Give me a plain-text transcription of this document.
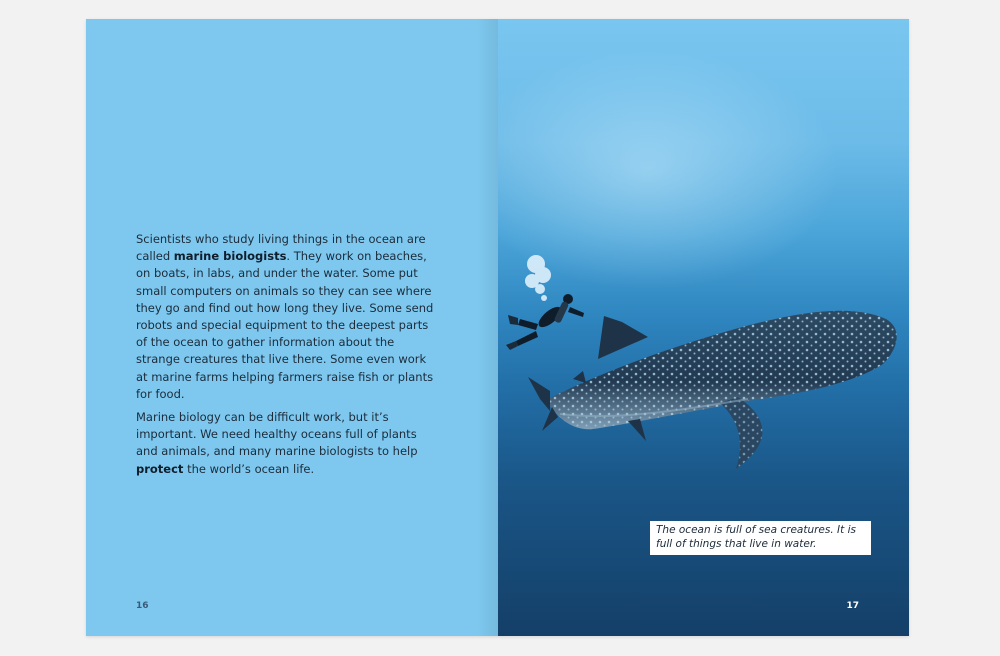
Scientists who study living things in the ocean are called marine biologists. They work on beaches, on boats, in labs, and under the water. Some put small computers on animals so they can see where they go and find out how long they live. Some send robots and special equipment to the deepest parts of the ocean to gather information about the strange creatures that live there. Some even work at marine farms helping farmers raise fish or plants for food.

Marine biology can be difficult work, but it’s important. We need healthy oceans full of plants and animals, and many marine biologists to help protect the world’s ocean life.

16
The ocean is full of sea creatures. It is full of things that live in water.
17
